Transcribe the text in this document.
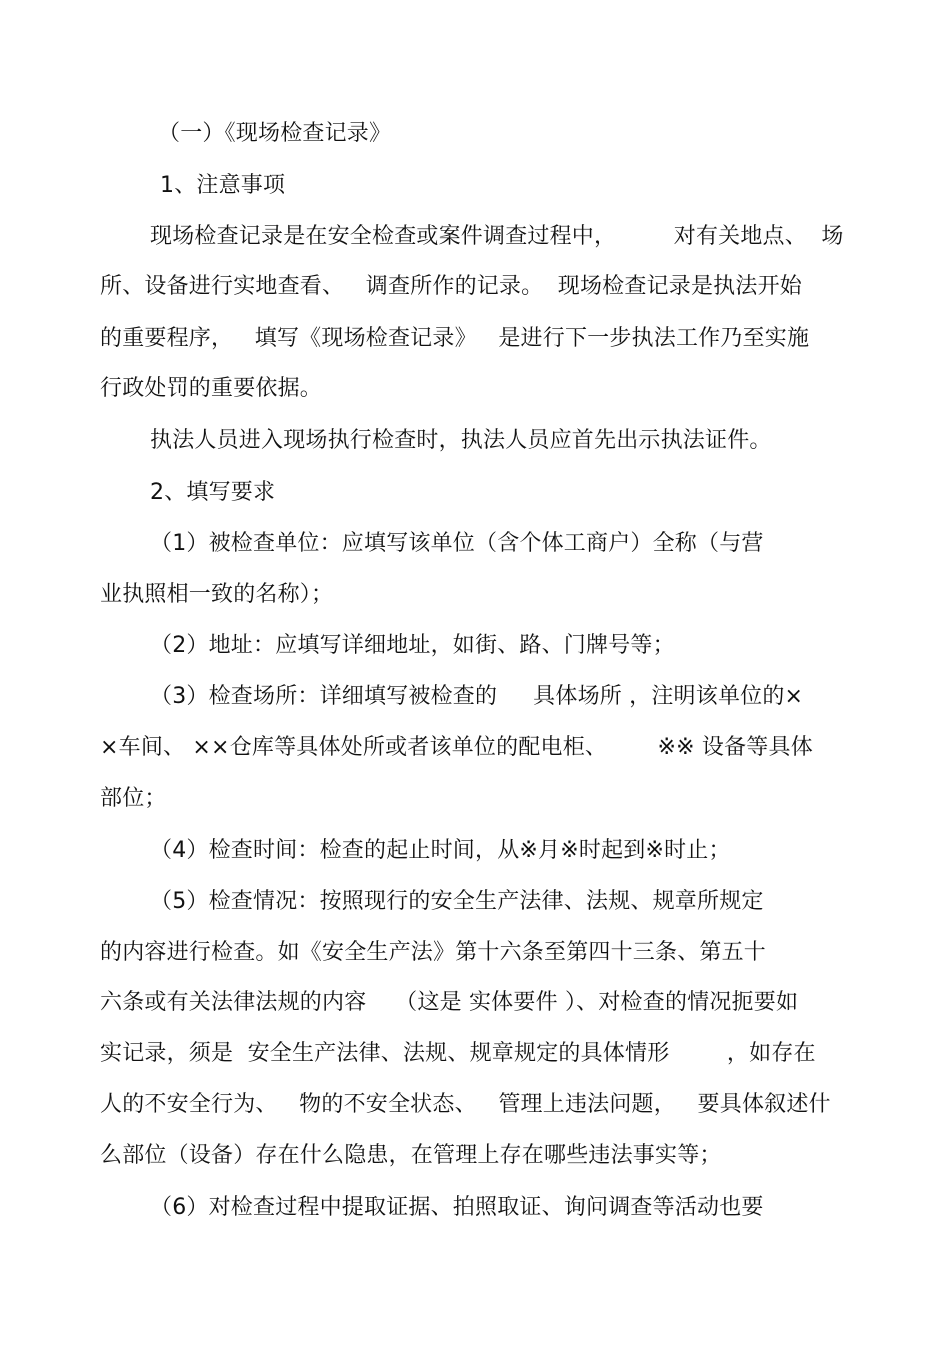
（一）《现场检查记录》
1、注意事项
现场检查记录是在安全检查或案件调查过程中，        对有关地点、  场
所、设备进行实地查看、   调查所作的记录。  现场检查记录是执法开始
的重要程序，   填写《现场检查记录》   是进行下一步执法工作乃至实施
行政处罚的重要依据。
执法人员进入现场执行检查时，执法人员应首先出示执法证件。
2、填写要求
（1）被检查单位：应填写该单位（含个体工商户）全称（与营
业执照相一致的名称）；
（2）地址：应填写详细地址，如街、路、门牌号等；
（3）检查场所：详细填写被检查的     具体场所 ，注明该单位的×
×车间、 ××仓库等具体处所或者该单位的配电柜、       ※※ 设备等具体
部位；
（4）检查时间：检查的起止时间，从※月※时起到※时止；
（5）检查情况：按照现行的安全生产法律、法规、规章所规定
的内容进行检查。如《安全生产法》第十六条至第四十三条、第五十
六条或有关法律法规的内容    （这是 实体要件 ）、对检查的情况扼要如
实记录，须是  安全生产法律、法规、规章规定的具体情形        ，如存在
人的不安全行为、   物的不安全状态、   管理上违法问题，   要具体叙述什
么部位（设备）存在什么隐患，在管理上存在哪些违法事实等；
（6）对检查过程中提取证据、拍照取证、询问调查等活动也要
